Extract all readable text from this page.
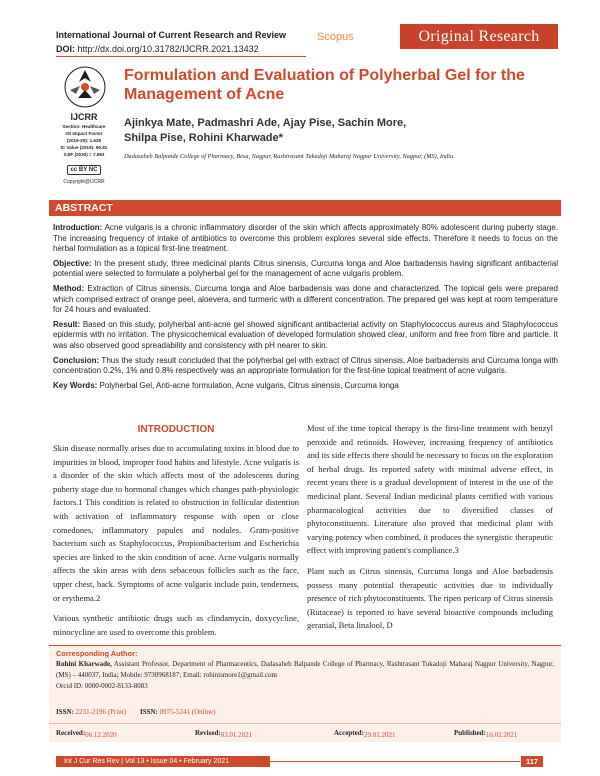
International Journal of Current Research and Review
DOI: http://dx.doi.org/10.31782/IJCRR.2021.13432
Scopus	Original Research
IJCRR
Section: Healthcare
ISI Impact Factor
(2019-20): 1.628
IC Value (2019): 90.81
SJIF (2020) = 7.893
cc BY NC
Copyright@IJCRR
Formulation and Evaluation of Polyherbal Gel for the Management of Acne
Ajinkya Mate, Padmashri Ade, Ajay Pise, Sachin More, Shilpa Pise, Rohini Kharwade*
Dadasaheb Balpande College of Pharmacy, Besa, Nagpur, Rashtrasant Tukadoji Maharaj Nagpur University, Nagpur, (MS), India.
ABSTRACT

Introduction: Acne vulgaris is a chronic inflammatory disorder of the skin which affects approximately 80% adolescent during puberty stage. The increasing frequency of intake of antibiotics to overcome this problem explores several side effects. Therefore it needs to focus on the herbal formulation as a topical first-line treatment.

Objective: In the present study, three medicinal plants Citrus sinensis, Curcuma longa and Aloe barbadensis having significant antibacterial potential were selected to formulate a polyherbal gel for the management of acne vulgaris problem.

Method: Extraction of Citrus sinensis, Curcuma longa and Aloe barbadensis was done and characterized. The topical gels were prepared which comprised extract of orange peel, aloevera, and turmeric with a different concentration. The prepared gel was kept at room temperature for 24 hours and evaluated.

Result: Based on this study, polyherbal anti-acne gel showed significant antibacterial activity on Staphylococcus aureus and Staphylococcus epidermis with no irritation. The physicochemical evaluation of developed formulation showed clear, uniform and free from fibre and particle. It was also observed good spreadability and consistency with pH nearer to skin.

Conclusion: Thus the study result concluded that the polyherbal gel with extract of Citrus sinensis, Aloe barbadensis and Curcuma longa with concentration 0.2%, 1% and 0.8% respectively was an appropriate formulation for the first-line topical treatment of acne vulgaris.

Key Words: Polyherbal Gel, Anti-acne formulation, Acne vulgaris, Citrus sinensis, Curcuma longa

INTRODUCTION

Skin disease normally arises due to accumulating toxins in blood due to impurities in blood, improper food habits and lifestyle. Acne vulgaris is a disorder of the skin which affects most of the adolescents during puberty stage due to hormonal changes which changes path-physiologic factors.1 This condition is related to obstruction in follicular distention with activation of inflammatory response with open or close comedones, inflammatory papules and nodules. Gram-positive bacterium such as Staphylococcus, Propionibacterium and Escherichia species are linked to the skin condition of acne. Acne vulgaris normally affects the skin areas with dens sebaceous follicles such as the face, upper chest, back. Symptoms of acne vulgaris include pain, tenderness, or erythema.2

Various synthetic antibiotic drugs such as clindamycin, doxycycline, minocycline are used to overcome this problem.

Most of the time topical therapy is the first-line treatment with benzyl peroxide and retinoids. However, increasing frequency of antibiotics and its side effects there should be necessary to focus on the exploration of herbal drugs. Its reported safety with minimal adverse effect, in recent years there is a gradual development of interest in the use of the medicinal plant. Several Indian medicinal plants certified with various pharmacological activities due to diversified classes of phytoconstituents. Literature also proved that medicinal plant with varying potency when combined, it produces the synergistic therapeutic effect with improving patient's compliance.3

Plant such as Citrus sinensis, Curcuma longa and Aloe barbadensis possess many potential therapeutic activities due to individually presence of rich phytoconstituents. The ripen pericarp of Citrus sinensis (Rutaceae) is reported to have several bioactive compounds including geranial, Beta linalool, D

Corresponding Author:
Rohini Kharwade, Assistant Professor, Department of Pharmaceutics, Dadasaheb Balpande College of Pharmacy, Rashtrasant Tukadoji Maharaj Nagpur University, Nagpur, (MS) – 440037, India; Mobile: 9730968187; Email: rohinismore1@gmail.com
Orcid ID: 0000-0002-8133-8083
ISSN: 2231-2196 (Print) ISSN: 0975-5241 (Online)
Received: 06.12.2020	Revised: 03.01.2021	Accepted: 29.01.2021	Published: 16.02.2021
Int J Cur Res Rev | Vol 13 • Issue 04 • February 2021	117
